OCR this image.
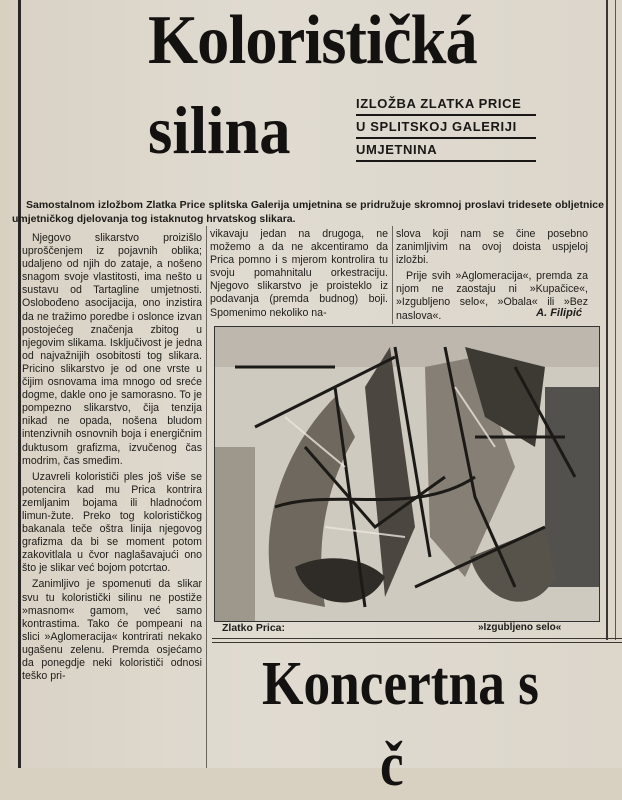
Kolorističká
silina	IZLOŽBA ZLATKA PRICE
U SPLITSKOJ GALERIJI
UMJETNINA

Samostalnom izložbom Zlatka Price splitska Galerija umjetnina se pridružuje skromnoj proslavi tridesete obljetnice umjetničkog djelovanja tog istaknutog hrvatskog slikara.

Njegovo slikarstvo proizišlo uproščenjem iz pojavnih oblika; udaljeno od njih do zataje, a nošeno snagom svoje vlastitosti, ima nešto u sustavu od Tartagline umjetnosti. Oslobođeno asocijacija, ono inzistira da ne tražimo poredbe i osloncе izvan postojećeg značenja zbitog u njegovim slikama. Isključivost je jedna od najvažnijih osobitosti tog slikara. Pricino slikarstvo je od one vrste u čijim osnovama ima mnogo od sreće dogme, dakle ono je samorasno. To je pompezno slikarstvo, čija tenzija nikad ne opada, nošena bludom intenzivnih osnovnih boja i energičnim duktusom grafizma, izvučenog čas modrim, čas smeđim.

Uzavreli kolorističi ples još više se potencira kad mu Prica kontrira zemljanim bojama ili hladnoćom limun-žute. Preko tog kolorističkog bakanala teče oštra linija njegovog grafizma da bi se moment potom zakovitlala u čvor naglašavajući ono što je slikar već bojom potcrtao.

Zanimljivo je spomenuti da slikar svu tu koloristički silinu ne postiže »masnom« gamom, već samo kontrastima. Tako će pompeani na slici »Aglomeracija« kontrirati nekako ugašenu zelenu. Premda osjećamo da ponegdje neki kolorističi odnosi teško pri-

vikavaju jedan na drugoga, ne možemo a da ne akcentiramo da Prica pomno i s mjerom kontrolira tu svoju pomahnitalu orkestraciju. Njegovo slikarstvo je proisteklo iz podavanja (premda budnog) boji. Spomenimo nekoliko na-

slova koji nam se čine posebno zanimljivim na ovoj doista uspjeloj izložbi.

Prije svih »Aglomeracija«, premda za njom ne zaostaju ni »Kupačice«, »Izgubljeno selo«, »Obala« ili »Bez naslova«.	A. Filipić

Zlatko Prica:	»Izgubljeno selo«

Koncertna s
č
